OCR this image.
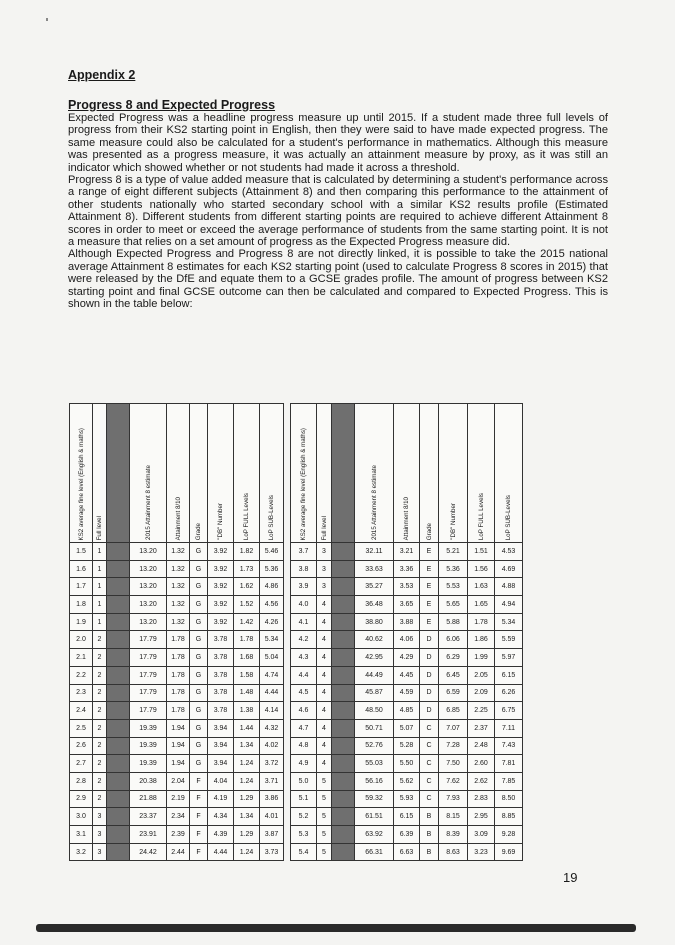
Appendix 2
Progress 8 and Expected Progress

Expected Progress was a headline progress measure up until 2015. If a student made three full levels of progress from their KS2 starting point in English, then they were said to have made expected progress. The same measure could also be calculated for a student's performance in mathematics. Although this measure was presented as a progress measure, it was actually an attainment measure by proxy, as it was still an indicator which showed whether or not students had made it across a threshold.

Progress 8 is a type of value added measure that is calculated by determining a student's performance across a range of eight different subjects (Attainment 8) and then comparing this performance to the attainment of other students nationally who started secondary school with a similar KS2 results profile (Estimated Attainment 8). Different students from different starting points are required to achieve different Attainment 8 scores in order to meet or exceed the average performance of students from the same starting point. It is not a measure that relies on a set amount of progress as the Expected Progress measure did.

Although Expected Progress and Progress 8 are not directly linked, it is possible to take the 2015 national average Attainment 8 estimates for each KS2 starting point (used to calculate Progress 8 scores in 2015) that were released by the DfE and equate them to a GCSE grades profile. The amount of progress between KS2 starting point and final GCSE outcome can then be calculated and compared to Expected Progress. This is shown in the table below:

KS2 average fine level (English & maths)	Full level		2015 Attainment 8 estimate	Attainment 8/10	Grade	"DB" Number	LoP FULL Levels	LoP SUB-Levels
1.5	1		13.20	1.32	G	3.92	1.82	5.46
1.6	1		13.20	1.32	G	3.92	1.73	5.36
1.7	1		13.20	1.32	G	3.92	1.62	4.86
1.8	1		13.20	1.32	G	3.92	1.52	4.56
1.9	1		13.20	1.32	G	3.92	1.42	4.26
2.0	2		17.79	1.78	G	3.78	1.78	5.34
2.1	2		17.79	1.78	G	3.78	1.68	5.04
2.2	2		17.79	1.78	G	3.78	1.58	4.74
2.3	2		17.79	1.78	G	3.78	1.48	4.44
2.4	2		17.79	1.78	G	3.78	1.38	4.14
2.5	2		19.39	1.94	G	3.94	1.44	4.32
2.6	2		19.39	1.94	G	3.94	1.34	4.02
2.7	2		19.39	1.94	G	3.94	1.24	3.72
2.8	2		20.38	2.04	F	4.04	1.24	3.71
2.9	2		21.88	2.19	F	4.19	1.29	3.86
3.0	3		23.37	2.34	F	4.34	1.34	4.01
3.1	3		23.91	2.39	F	4.39	1.29	3.87
3.2	3		24.42	2.44	F	4.44	1.24	3.73
KS2 average fine level (English & maths)	Full level		2015 Attainment 8 estimate	Attainment 8/10	Grade	"DB" Number	LoP FULL Levels	LoP SUB-Levels
3.7	3		32.11	3.21	E	5.21	1.51	4.53
3.8	3		33.63	3.36	E	5.36	1.56	4.69
3.9	3		35.27	3.53	E	5.53	1.63	4.88
4.0	4		36.48	3.65	E	5.65	1.65	4.94
4.1	4		38.80	3.88	E	5.88	1.78	5.34
4.2	4		40.62	4.06	D	6.06	1.86	5.59
4.3	4		42.95	4.29	D	6.29	1.99	5.97
4.4	4		44.49	4.45	D	6.45	2.05	6.15
4.5	4		45.87	4.59	D	6.59	2.09	6.26
4.6	4		48.50	4.85	D	6.85	2.25	6.75
4.7	4		50.71	5.07	C	7.07	2.37	7.11
4.8	4		52.76	5.28	C	7.28	2.48	7.43
4.9	4		55.03	5.50	C	7.50	2.60	7.81
5.0	5		56.16	5.62	C	7.62	2.62	7.85
5.1	5		59.32	5.93	C	7.93	2.83	8.50
5.2	5		61.51	6.15	B	8.15	2.95	8.85
5.3	5		63.92	6.39	B	8.39	3.09	9.28
5.4	5		66.31	6.63	B	8.63	3.23	9.69
19
